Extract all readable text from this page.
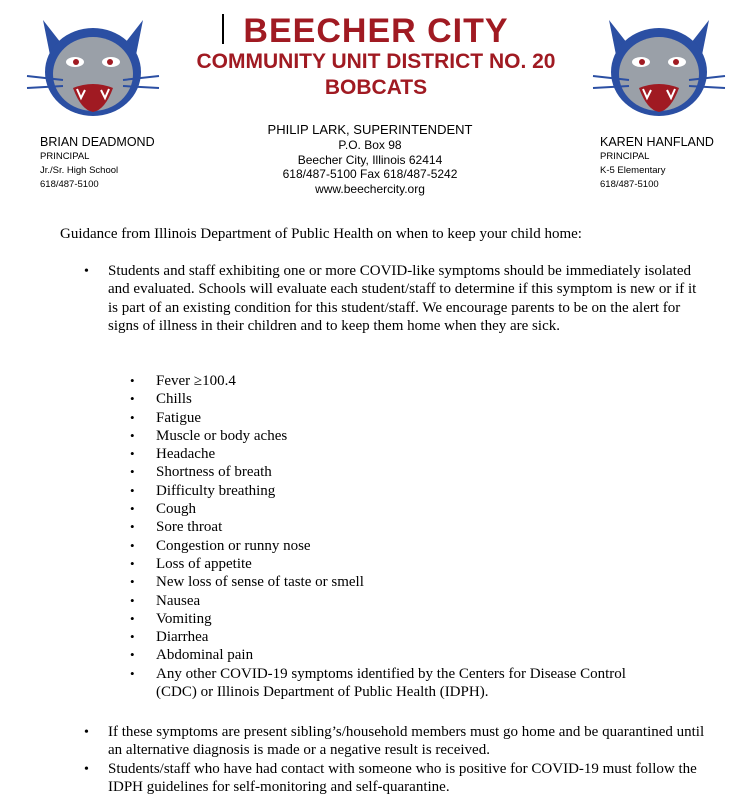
BEECHER CITY
COMMUNITY UNIT DISTRICT NO. 20
BOBCATS
BRIAN DEADMOND
PRINCIPAL
Jr./Sr. High School
618/487-5100
PHILIP LARK, SUPERINTENDENT
P.O. Box 98
Beecher City, Illinois 62414
618/487-5100 Fax 618/487-5242
www.beechercity.org
KAREN HANFLAND
PRINCIPAL
K-5 Elementary
618/487-5100
Guidance from Illinois Department of Public Health on when to keep your child home:
• Students and staff exhibiting one or more COVID-like symptoms should be immediately isolated and evaluated. Schools will evaluate each student/staff to determine if this symptom is new or if it is part of an existing condition for this student/staff. We encourage parents to be on the alert for signs of illness in their children and to keep them home when they are sick.
• Fever ≥100.4
• Chills
• Fatigue
• Muscle or body aches
• Headache
• Shortness of breath
• Difficulty breathing
• Cough
• Sore throat
• Congestion or runny nose
• Loss of appetite
• New loss of sense of taste or smell
• Nausea
• Vomiting
• Diarrhea
• Abdominal pain
• Any other COVID-19 symptoms identified by the Centers for Disease Control (CDC) or Illinois Department of Public Health (IDPH).
• If these symptoms are present sibling’s/household members must go home and be quarantined until an alternative diagnosis is made or a negative result is received.
• Students/staff who have had contact with someone who is positive for COVID-19 must follow the IDPH guidelines for self-monitoring and self-quarantine.
